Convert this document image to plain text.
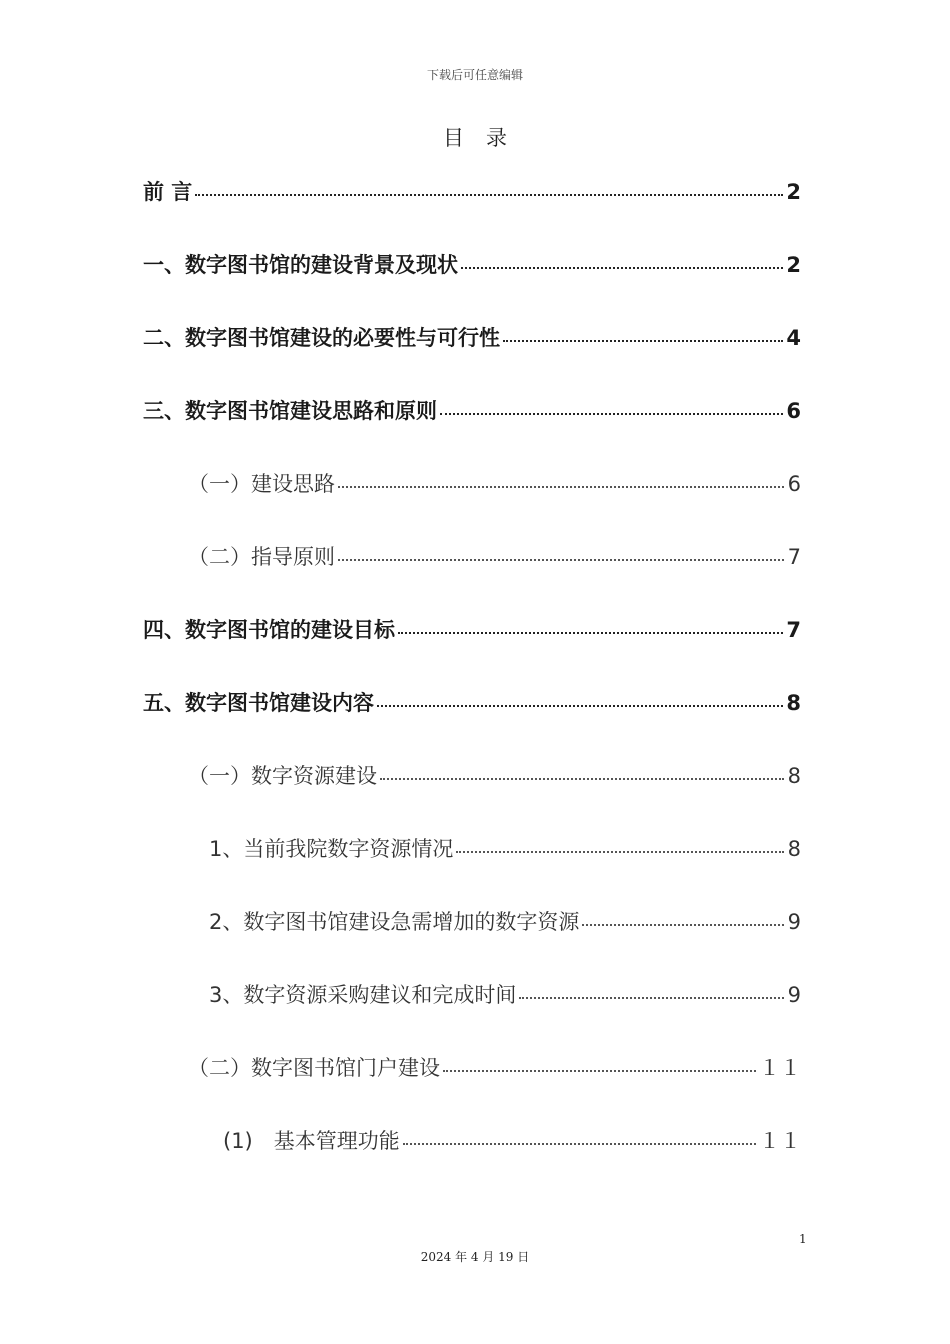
下载后可任意编辑
目录
前 言	2
一、数字图书馆的建设背景及现状	2
二、数字图书馆建设的必要性与可行性	4
三、数字图书馆建设思路和原则	6
（一）建设思路	6
（二）指导原则	7
四、数字图书馆的建设目标	7
五、数字图书馆建设内容	8
（一）数字资源建设	8
1、当前我院数字资源情况	8
2、数字图书馆建设急需增加的数字资源	9
3、数字资源采购建议和完成时间	9
（二）数字图书馆门户建设	１１
(1)　基本管理功能	１１
1
2024 年 4 月 19 日
